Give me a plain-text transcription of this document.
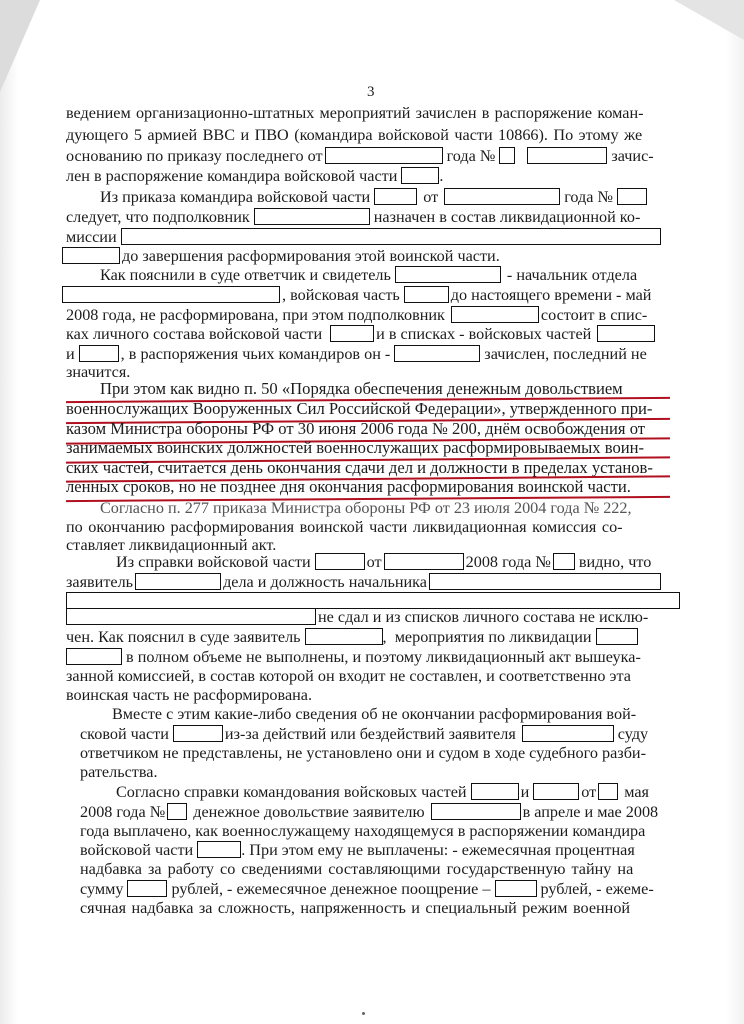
3

ведением организационно-штатных мероприятий зачислен в распоряжение коман-

дующего 5 армией ВВС и ПВО (командира войсковой части 10866). По этому же

основанию по приказу последнего от	года №	зачис-

лен в распоряжение командира войсковой части	.

Из приказа командира войсковой части	от	года №

следует, что подполковник	назначен в состав ликвидационной ко-

миссии

до завершения расформирования этой воинской части.

Как пояснили в суде ответчик и свидетель	- начальник отдела

, войсковая часть	до настоящего времени - май

2008 года, не расформирована, при этом подполковник	состоит в спис-

ках личного состава войсковой части	и в списках - войсковых частей

и	, в распоряжения чьих командиров он -	зачислен, последний не

значится.

При этом как видно п. 50 «Порядка обеспечения денежным довольствием

военнослужащих Вооруженных Сил Российской Федерации», утвержденного при-

казом Министра обороны РФ от 30 июня 2006 года № 200, днём освобождения от

занимаемых воинских должностей военнослужащих расформировываемых воин-

ских частей, считается день окончания сдачи дел и должности в пределах установ-

ленных сроков, но не позднее дня окончания расформирования воинской части.

Согласно п. 277 приказа Министра обороны РФ от 23 июля 2004 года № 222,

по окончанию расформирования воинской части ликвидационная комиссия со-

ставляет ликвидационный акт.

Из справки войсковой части	от	2008 года № видно, что

заявитель	дела и должность начальника

не сдал и из списков личного состава не исклю-

чен. Как пояснил в суде заявитель	,  мероприятия по ликвидации

в полном объеме не выполнены, и поэтому ликвидационный акт вышеука-

занной комиссией, в состав которой он входит не составлен, и соответственно эта

воинская часть не расформирована.

Вместе с этим какие-либо сведения об не окончании расформирования вой-

сковой части	из-за действий или бездействий заявителя	суду

ответчиком не представлены, не установлено они и судом в ходе судебного разби-

рательства.

Согласно справки командования войсковых частей	и	от мая

2008 года № денежное довольствие заявителю	в апреле и мае 2008

года выплачено, как военнослужащему находящемуся в распоряжении командира

войсковой части	. При этом ему не выплачены: - ежемесячная процентная

надбавка за работу со сведениями составляющими государственную тайну на

сумму	рублей, - ежемесячное денежное поощрение –	рублей, - ежеме-

сячная надбавка за сложность, напряженность и специальный режим военной
